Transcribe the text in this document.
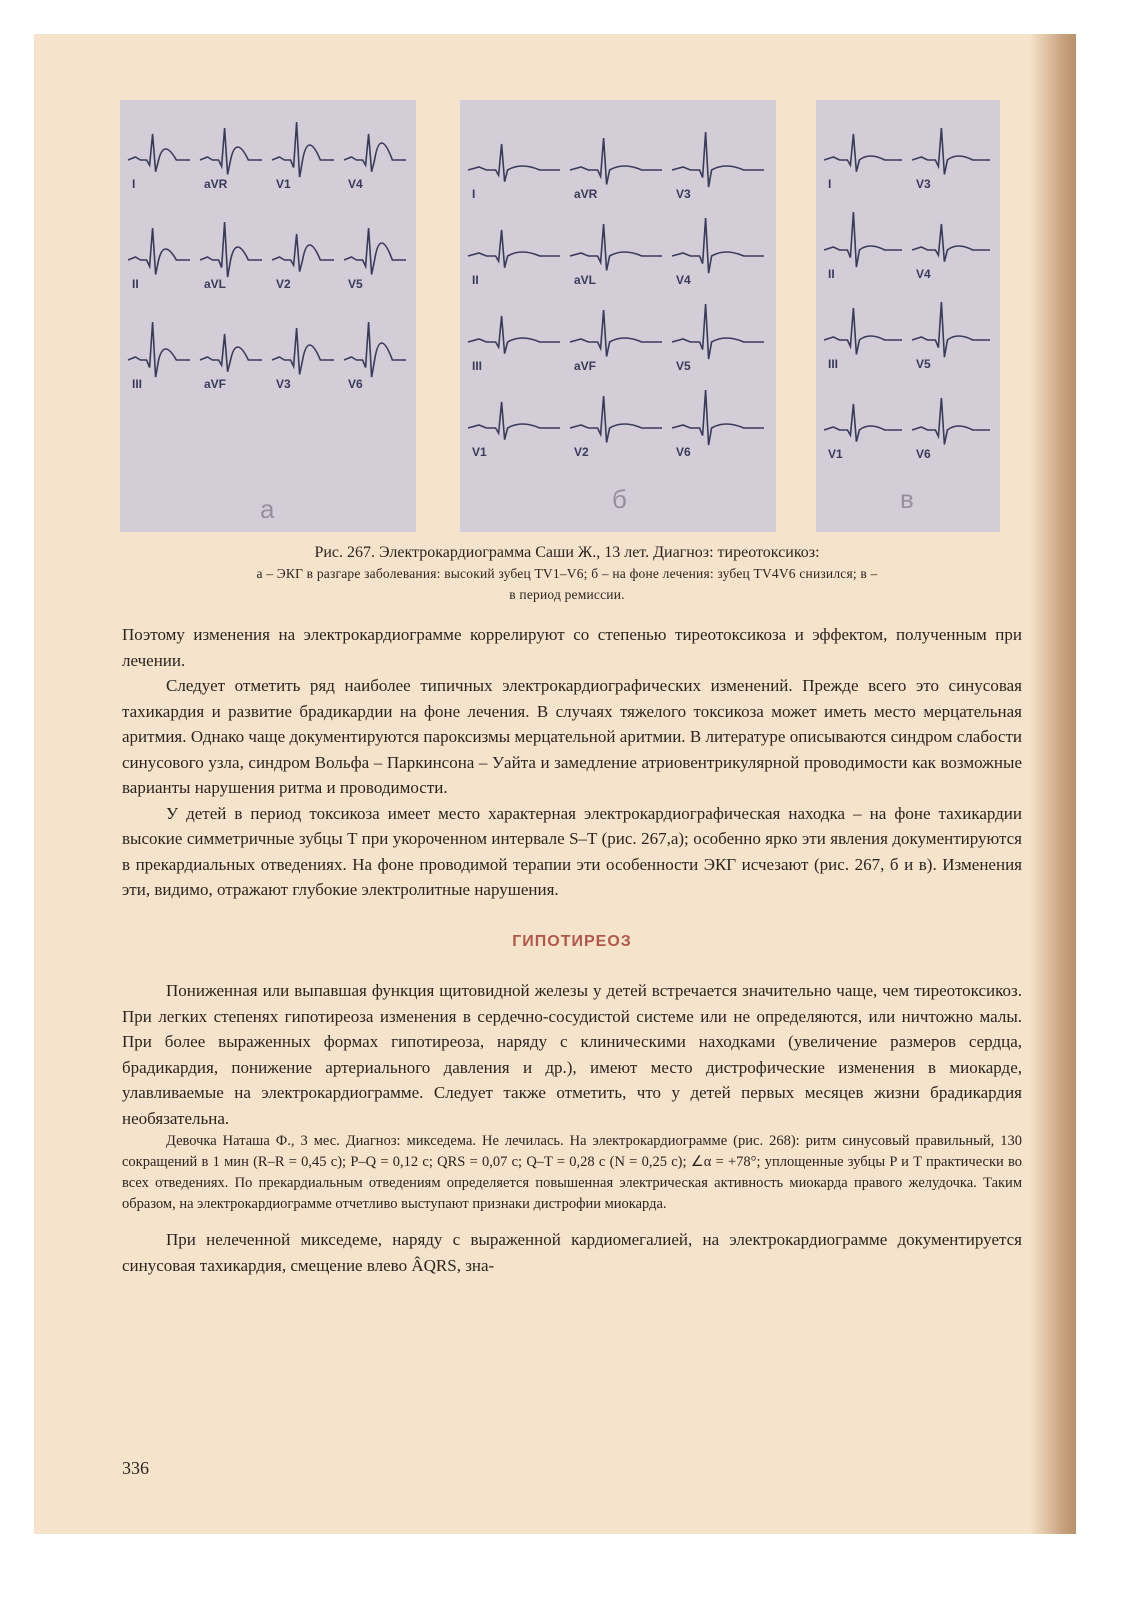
I	aVR	V1	V4
II	aVL	V2	V5
III	aVF	V3	V6
а
I	aVR	V3
II	aVL	V4
III	aVF	V5
V1	V2	V6
б
I	V3
II	V4
III	V5
V1	V6
в
Рис. 267. Электрокардиограмма Саши Ж., 13 лет. Диагноз: тиреотоксикоз:
а – ЭКГ в разгаре заболевания: высокий зубец TV1–V6; б – на фоне лечения: зубец TV4V6 снизился; в –
в период ремиссии.

Поэтому изменения на электрокардиограмме коррелируют со степенью тиреотоксикоза и эффектом, полученным при лечении.

Следует отметить ряд наиболее типичных электрокардиографических изменений. Прежде всего это синусовая тахикардия и развитие брадикардии на фоне лечения. В случаях тяжелого токсикоза может иметь место мерцательная аритмия. Однако чаще документируются пароксизмы мерцательной аритмии. В литературе описываются синдром слабости синусового узла, синдром Вольфа – Паркинсона – Уайта и замедление атриовентрикулярной проводимости как возможные варианты нарушения ритма и проводимости.

У детей в период токсикоза имеет место характерная электрокардиографическая находка – на фоне тахикардии высокие симметричные зубцы T при укороченном интервале S–T (рис. 267,а); особенно ярко эти явления документируются в прекардиальных отведениях. На фоне проводимой терапии эти особенности ЭКГ исчезают (рис. 267, б и в). Изменения эти, видимо, отражают глубокие электролитные нарушения.

ГИПОТИРЕОЗ

Пониженная или выпавшая функция щитовидной железы у детей встречается значительно чаще, чем тиреотоксикоз. При легких степенях гипотиреоза изменения в сердечно-сосудистой системе или не определяются, или ничтожно малы. При более выраженных формах гипотиреоза, наряду с клиническими находками (увеличение размеров сердца, брадикардия, понижение артериального давления и др.), имеют место дистрофические изменения в миокарде, улавливаемые на электрокардиограмме. Следует также отметить, что у детей первых месяцев жизни брадикардия необязательна.

Девочка Наташа Ф., 3 мес. Диагноз: микседема. Не лечилась. На электрокардиограмме (рис. 268): ритм синусовый правильный, 130 сокращений в 1 мин (R–R = 0,45 с); P–Q = 0,12 с; QRS = 0,07 с; Q–T = 0,28 с (N = 0,25 с); ∠α = +78°; уплощенные зубцы P и T практически во всех отведениях. По прекардиальным отведениям определяется повышенная электрическая активность миокарда правого желудочка. Таким образом, на электрокардиограмме отчетливо выступают признаки дистрофии миокарда.

При нелеченной микседеме, наряду с выраженной кардиомегалией, на электрокардиограмме документируется синусовая тахикардия, смещение влево ÂQRS, зна-

336
